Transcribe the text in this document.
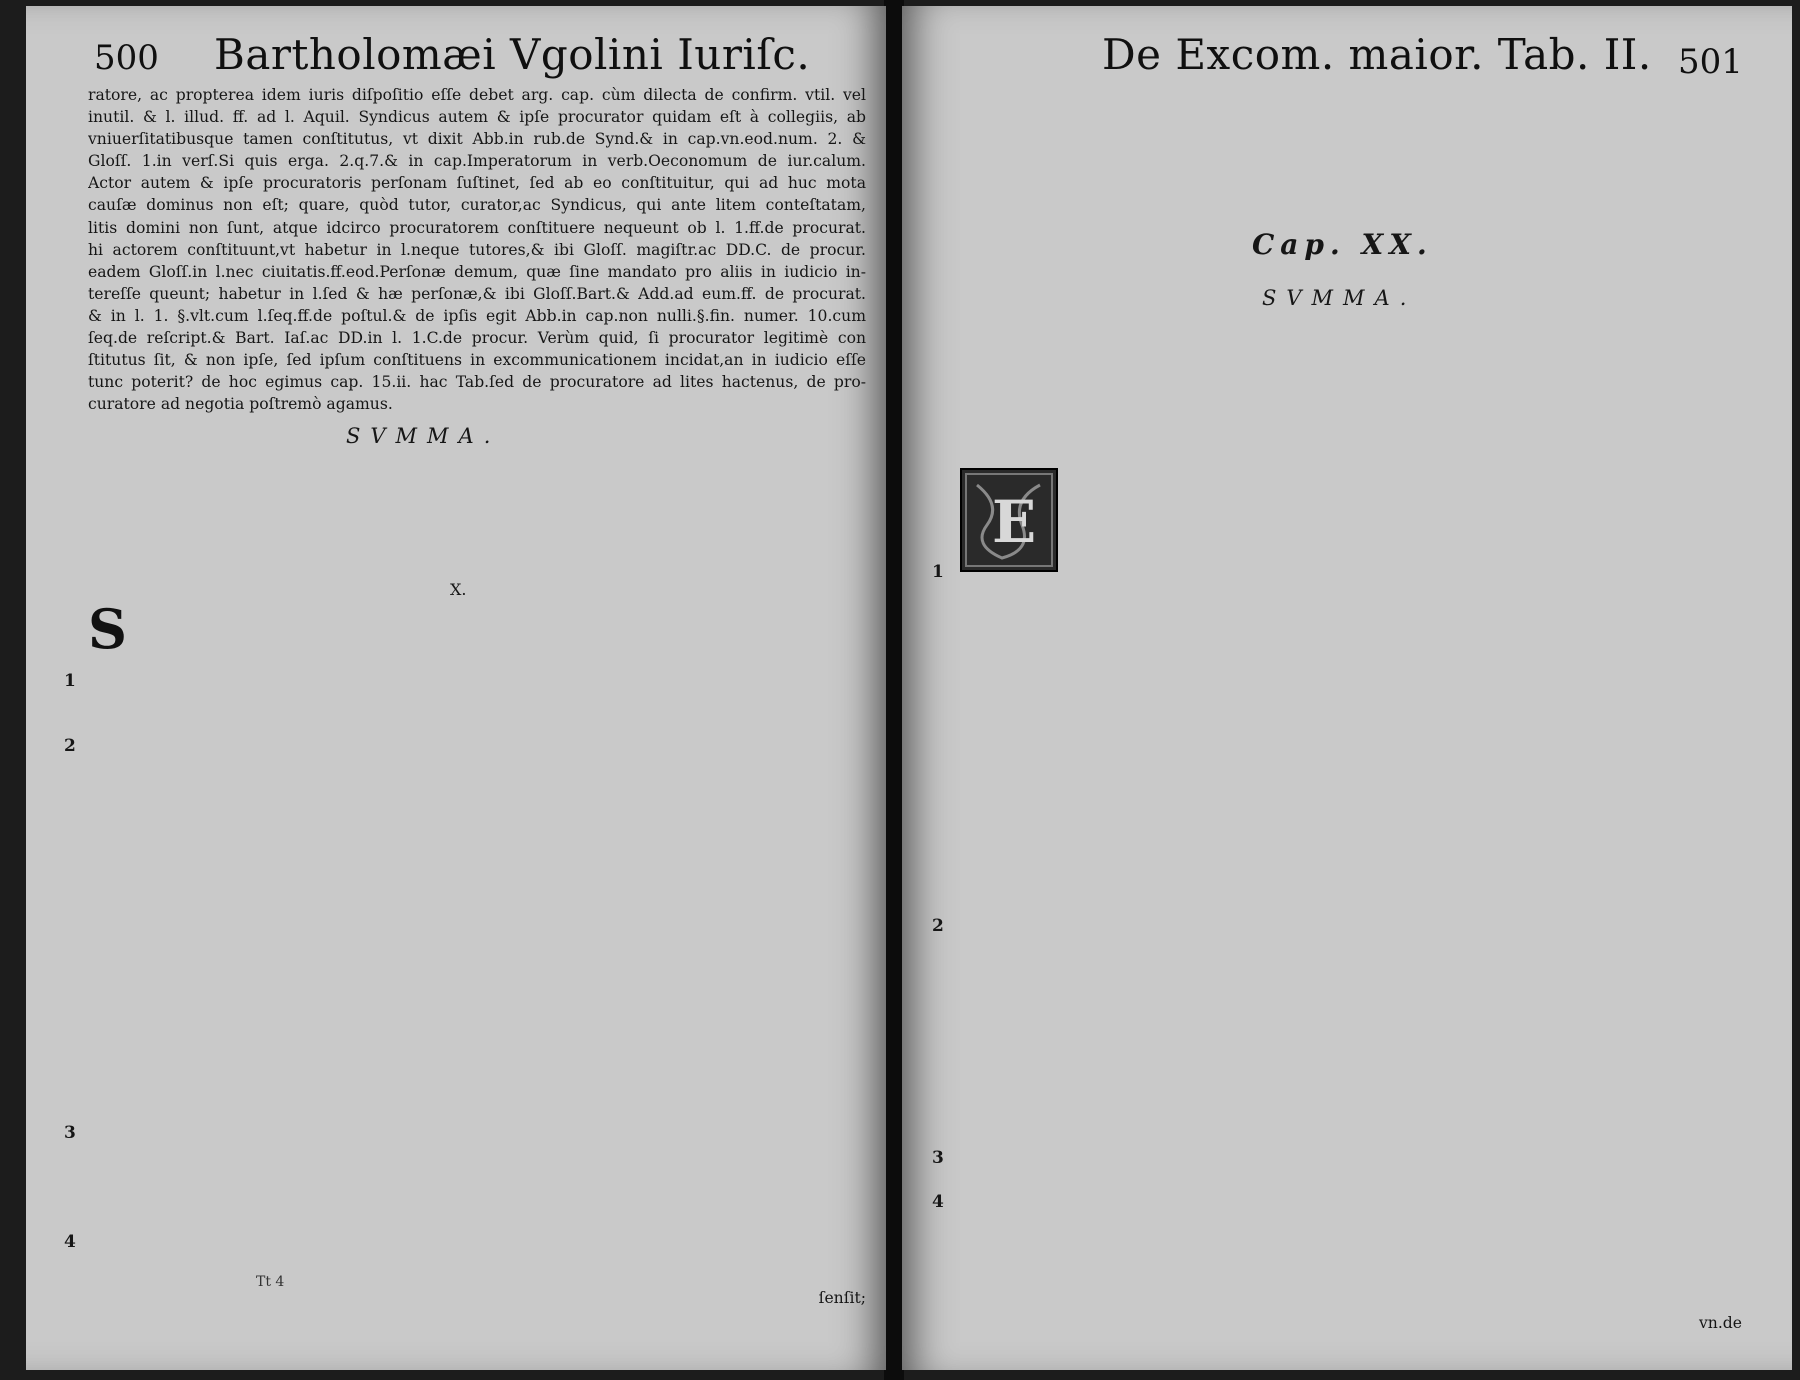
500 Bartholomæi Vgolini Iuriſc.
ratore, ac propterea idem iuris diſpoſitio eſſe debet arg. cap. cùm dilecta de confirm. vtil. vel
inutil. & l. illud. ff. ad l. Aquil. Syndicus autem & ipſe procurator quidam eſt à collegiis, ab
vniuerſitatibusque tamen conſtitutus, vt dixit Abb.in rub.de Synd.& in cap.vn.eod.num. 2. &
Gloſſ. 1.in verſ.Si quis erga. 2.q.7.& in cap.Imperatorum in verb.Oeconomum de iur.calum.
Actor autem & ipſe procuratoris perſonam ſuſtinet, ſed ab eo conſtituitur, qui ad huc mota
cauſæ dominus non eſt; quare, quòd tutor, curator,ac Syndicus, qui ante litem conteſtatam,
litis domini non ſunt, atque idcirco procuratorem conſtituere nequeunt ob l. 1.ff.de procurat.
hi actorem conſtituunt,vt habetur in l.neque tutores,& ibi Gloſſ. magiſtr.ac DD.C. de procur.
eadem Gloſſ.in l.nec ciuitatis.ff.eod.Perſonæ demum, quæ ſine mandato pro aliis in iudicio in-
tereſſe queunt; habetur in l.ſed & hæ perſonæ,& ibi Gloſſ.Bart.& Add.ad eum.ff. de procurat.
& in l. 1. §.vlt.cum l.ſeq.ff.de poſtul.& de ipſis egit Abb.in cap.non nulli.§.fin. numer. 10.cum
ſeq.de reſcript.& Bart. Iaſ.ac DD.in l. 1.C.de procur. Verùm quid, ſi procurator legitimè con
ſtitutus ſit, & non ipſe, ſed ipſum conſtituens in excommunicationem incidat,an in iudicio eſſe
tunc poterit? de hoc egimus cap. 15.ii. hac Tab.ſed de procuratore ad lites hactenus, de pro-
curatore ad negotia poſtremò agamus.
SVMMA.
X.
S
1
2
3
4
ſenſit;
Tt 4
De Excom. maior. Tab. II. 501
Cap. XX.
SVMMA.
E
1
2
3
4
vn.de
